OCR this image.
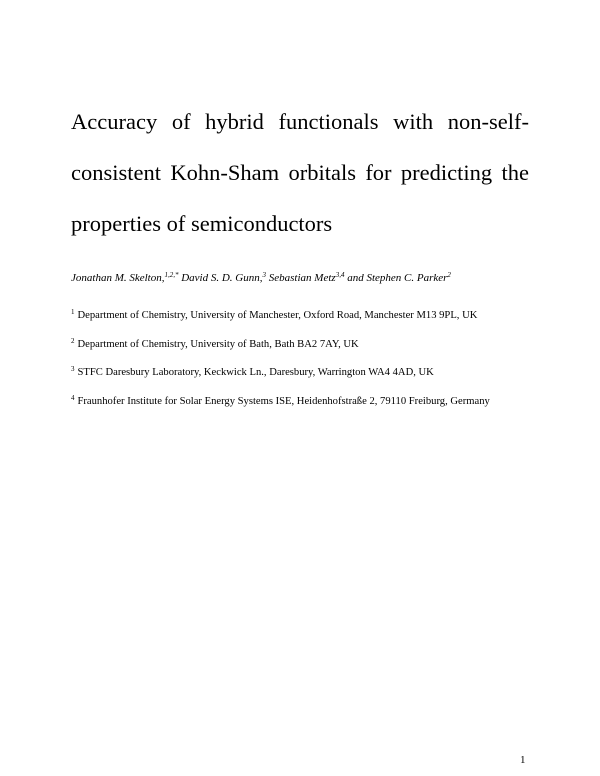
Accuracy of hybrid functionals with non-self-consistent Kohn-Sham orbitals for predicting the properties of semiconductors

Jonathan M. Skelton,$^{1,2,*}$ David S. D. Gunn,$^3$ Sebastian Metz$^{3,4}$ and Stephen C. Parker$^2$

$^1$ Department of Chemistry, University of Manchester, Oxford Road, Manchester M13 9PL, UK
$^2$ Department of Chemistry, University of Bath, Bath BA2 7AY, UK
$^3$ STFC Daresbury Laboratory, Keckwick Ln., Daresbury, Warrington WA4 4AD, UK
$^4$ Fraunhofer Institute for Solar Energy Systems ISE, Heidenhofstraße 2, 79110 Freiburg, Germany
1
